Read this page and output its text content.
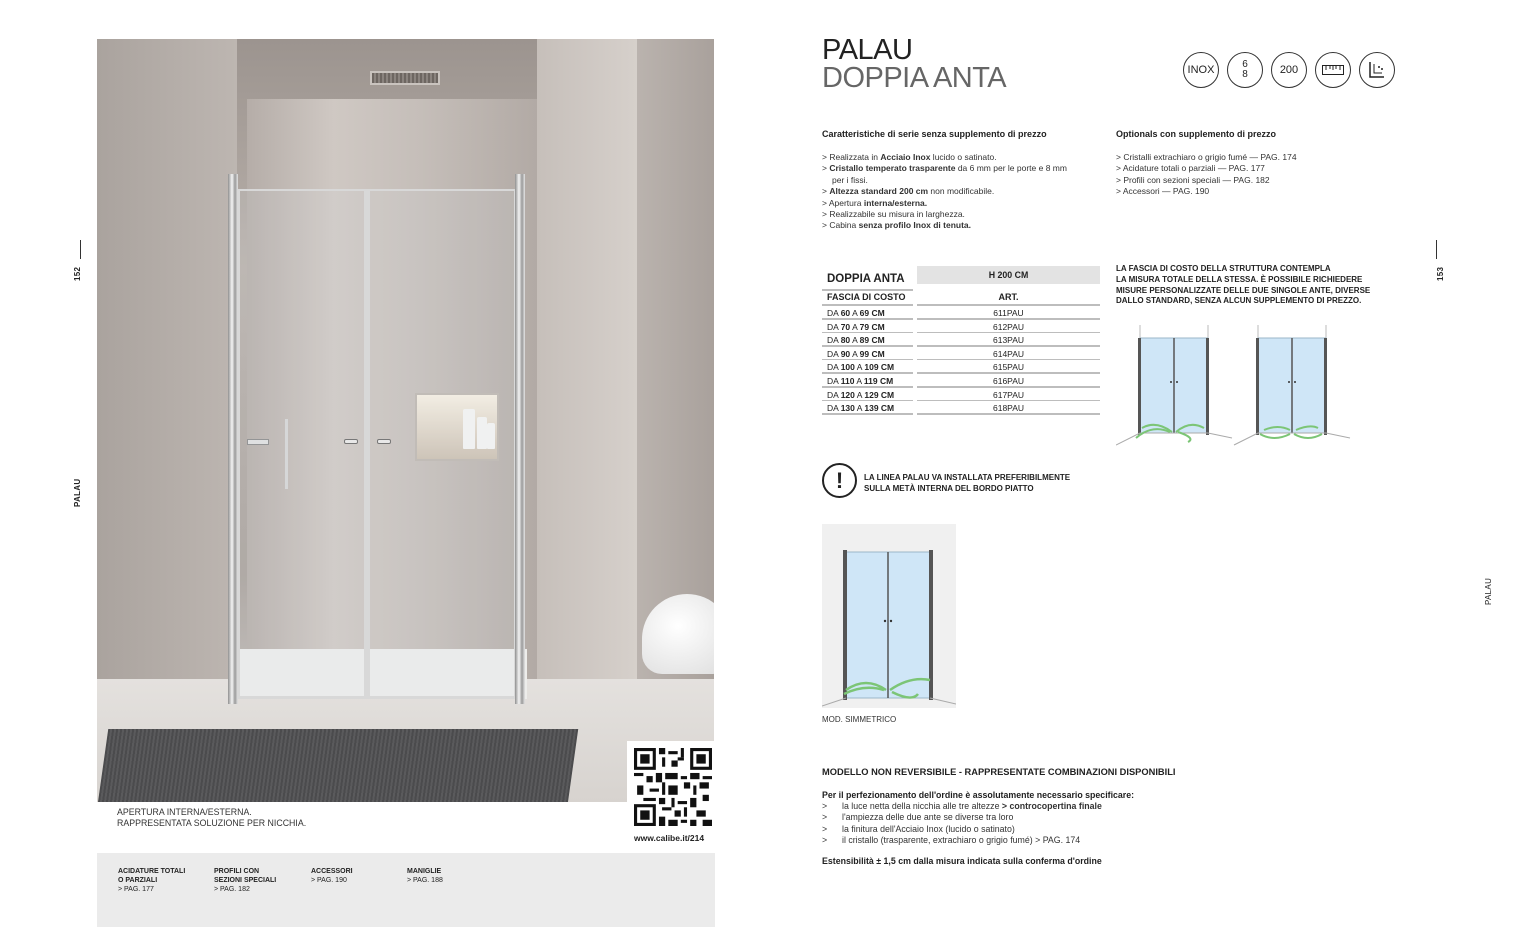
152
PALAU
www.calibe.it/214
APERTURA INTERNA/ESTERNA.
RAPPRESENTATA SOLUZIONE PER NICCHIA.
ACIDATURE TOTALI
O PARZIALI
> PAG. 177
PROFILI CON
SEZIONI SPECIALI
> PAG. 182
ACCESSORI
> PAG. 190
MANIGLIE
> PAG. 188
153
PALAU
PALAU
DOPPIA ANTA	INOX	6
8	200
Caratteristiche di serie senza supplemento di prezzo
> Realizzata in Acciaio Inox lucido o satinato.
> Cristallo temperato trasparente da 6 mm per le porte e 8 mm
per i fissi.
> Altezza standard 200 cm non modificabile.
> Apertura interna/esterna.
> Realizzabile su misura in larghezza.
> Cabina senza profilo Inox di tenuta.
Optionals con supplemento di prezzo
> Cristalli extrachiaro o grigio fumé — PAG. 174
> Acidature totali o parziali — PAG. 177
> Profili con sezioni speciali — PAG. 182
> Accessori — PAG. 190
H 200 CM
DOPPIA ANTA
FASCIA DI COSTO	ART.
DA 60 A 69 CM	611PAU
DA 70 A 79 CM	612PAU
DA 80 A 89 CM	613PAU
DA 90 A 99 CM	614PAU
DA 100 A 109 CM	615PAU
DA 110 A 119 CM	616PAU
DA 120 A 129 CM	617PAU
DA 130 A 139 CM	618PAU
LA FASCIA DI COSTO DELLA STRUTTURA CONTEMPLA
LA MISURA TOTALE DELLA STESSA. È POSSIBILE RICHIEDERE
MISURE PERSONALIZZATE DELLE DUE SINGOLE ANTE, DIVERSE
DALLO STANDARD, SENZA ALCUN SUPPLEMENTO DI PREZZO.
!	LA LINEA PALAU VA INSTALLATA PREFERIBILMENTE
SULLA METÀ INTERNA DEL BORDO PIATTO
MOD. SIMMETRICO
MODELLO NON REVERSIBILE - RAPPRESENTATE COMBINAZIONI DISPONIBILI
Per il perfezionamento dell'ordine è assolutamente necessario specificare:
> la luce netta della nicchia alle tre altezze > controcopertina finale
> l'ampiezza delle due ante se diverse tra loro
> la finitura dell'Acciaio Inox (lucido o satinato)
> il cristallo (trasparente, extrachiaro o grigio fumé) > PAG. 174
Estensibilità ± 1,5 cm dalla misura indicata sulla conferma d'ordine
